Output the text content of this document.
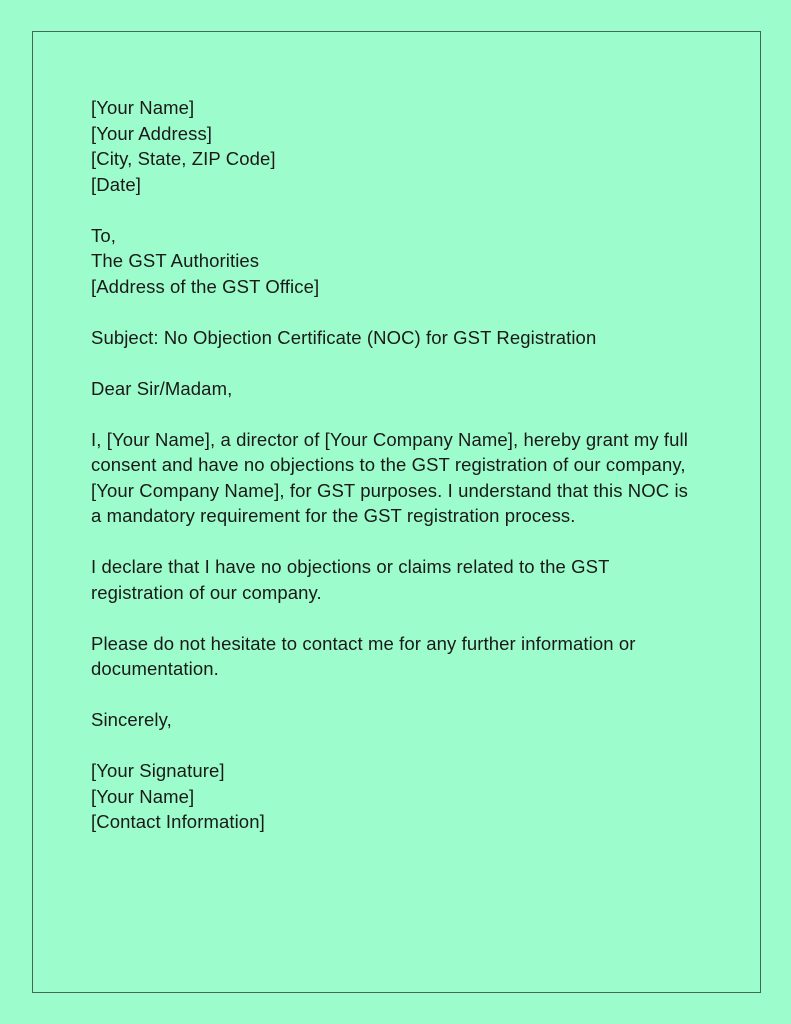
[Your Name]
[Your Address]
[City, State, ZIP Code]
[Date]
To,
The GST Authorities
[Address of the GST Office]
Subject: No Objection Certificate (NOC) for GST Registration
Dear Sir/Madam,
I, [Your Name], a director of [Your Company Name], hereby grant my full consent and have no objections to the GST registration of our company, [Your Company Name], for GST purposes. I understand that this NOC is a mandatory requirement for the GST registration process.
I declare that I have no objections or claims related to the GST registration of our company.
Please do not hesitate to contact me for any further information or documentation.
Sincerely,
[Your Signature]
[Your Name]
[Contact Information]
